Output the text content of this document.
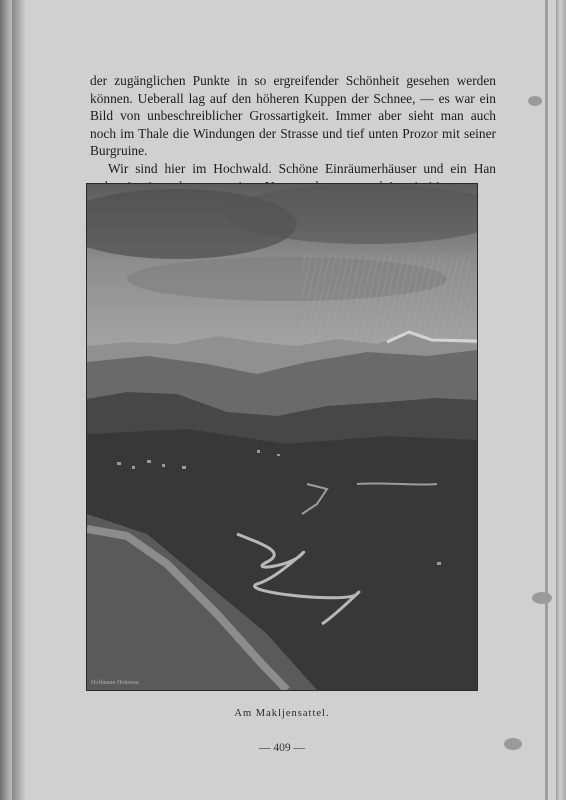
der zugänglichen Punkte in so ergreifender Schönheit gesehen werden können. Ueberall lag auf den höheren Kuppen der Schnee, — es war ein Bild von unbeschreiblicher Grossartigkeit. Immer aber sieht man auch noch im Thale die Windungen der Strasse und tief unten Prozor mit seiner Burgruine.

Wir sind hier im Hochwald. Schöne Einräumerhäuser und ein Han

Hoffmann Hohenau
Am Makljensattel.
— 409 —
